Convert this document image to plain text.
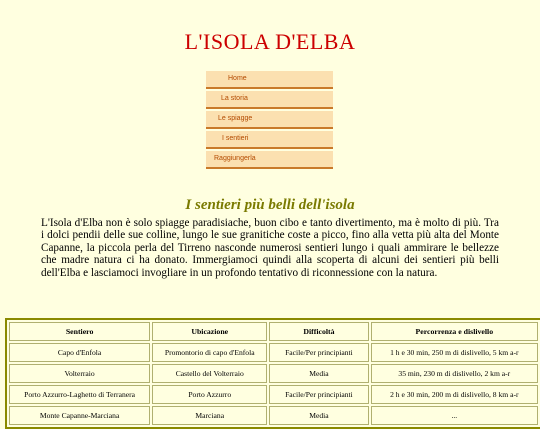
L'ISOLA D'ELBA
Home
La storia
Le spiagge
I sentieri
Raggiungerla
I sentieri più belli dell'isola

L'Isola d'Elba non è solo spiagge paradisiache, buon cibo e tanto divertimento, ma è molto di più. Tra i dolci pendii delle sue colline, lungo le sue granitiche coste a picco, fino alla vetta più alta del Monte Capanne, la piccola perla del Tirreno nasconde numerosi sentieri lungo i quali ammirare le bellezze che madre natura ci ha donato. Immergiamoci quindi alla scoperta di alcuni dei sentieri più belli dell'Elba e lasciamoci invogliare in un profondo tentativo di riconnessione con la natura.

Sentiero	Ubicazione	Difficoltà	Percorrenza e dislivello
Capo d'Enfola	Promontorio di capo d'Enfola	Facile/Per principianti	1 h e 30 min, 250 m di dislivello, 5 km a-r
Volterraio	Castello del Volterraio	Media	35 min, 230 m di dislivello, 2 km a-r
Porto Azzurro-Laghetto di Terranera	Porto Azzurro	Facile/Per principianti	2 h e 30 min, 200 m di dislivello, 8 km a-r
Monte Capanne-Marciana	Marciana	Media	...
